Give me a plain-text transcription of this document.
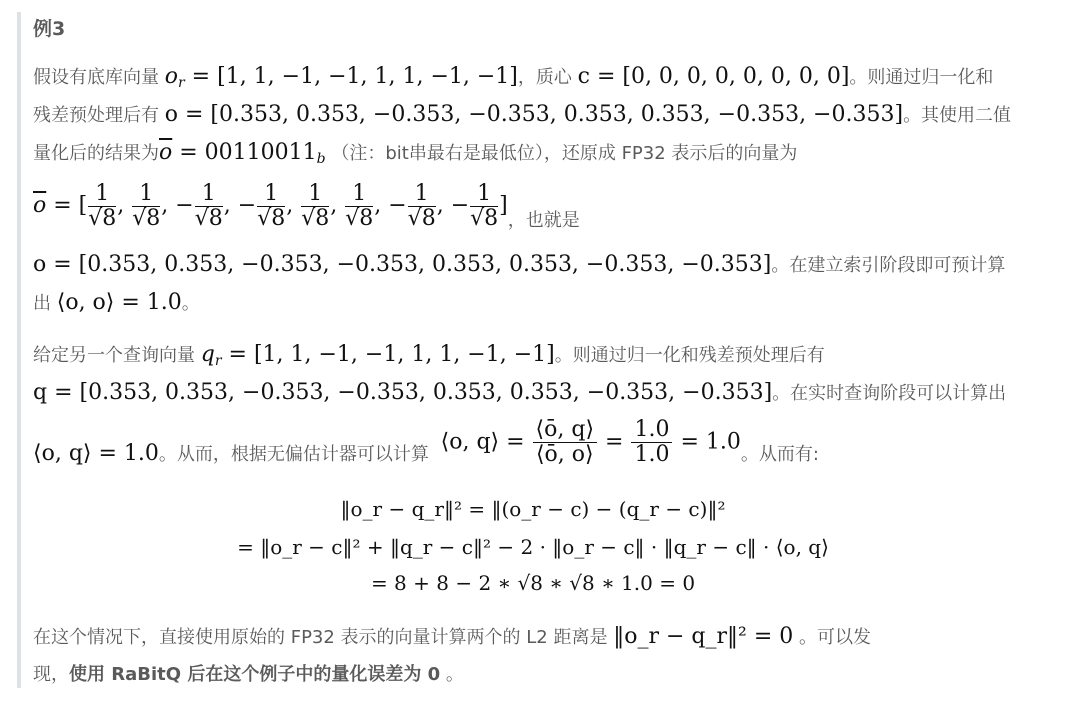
例3
假设有底库向量 $o_r = [1$, 1, −1, −1, 1, 1, −1, −1]，质心 c = [0, 0, 0, 0, 0, 0, 0, 0]。则通过归一化和
残差预处理后有 o = [0.353, 0.353, −0.353, −0.353, 0.353, 0.353, −0.353, −0.353]。其使用二值
量化后的结果为$\overline{o} = 00110011_b$ （注：bit串最右是最低位），还原成 FP32 表示后的向量为
$\overline{o}$ = [ $\frac{1}{√8}$ , $\frac{1}{√8}$ , − $\frac{1}{√8}$ , − $\frac{1}{√8}$ , $\frac{1}{√8}$ , $\frac{1}{√8}$ , − $\frac{1}{√8}$ , − $\frac{1}{√8}$ ]，也就是
o = [0.353, 0.353, −0.353, −0.353, 0.353, 0.353, −0.353, −0.353]。在建立索引阶段即可预计算
出 ⟨o, o⟩ = 1.0。
给定另一个查询向量 $q_r = [1$, 1, −1, −1, 1, 1, −1, −1]。则通过归一化和残差预处理后有
q = [0.353, 0.353, −0.353, −0.353, 0.353, 0.353, −0.353, −0.353]。在实时查询阶段可以计算出
⟨o, q⟩ = 1.0。从而，根据无偏估计器可以计算 ⟨o, q⟩ = $\frac{⟨ō, q⟩}{⟨ō, o⟩} = \frac{1.0}{1.0} = 1.0$。从而有:
‖o_r − q_r‖² = ‖(o_r − c) − (q_r − c)‖²
= ‖o_r − c‖² + ‖q_r − c‖² − 2 · ‖o_r − c‖ · ‖q_r − c‖ · ⟨o, q⟩
= 8 + 8 − 2 ∗ √8 ∗ √8 ∗ 1.0 = 0
在这个情况下，直接使用原始的 FP32 表示的向量计算两个的 L2 距离是 ‖o_r − q_r‖² = 0 。可以发
现，使用 RaBitQ 后在这个例子中的量化误差为 0 。
